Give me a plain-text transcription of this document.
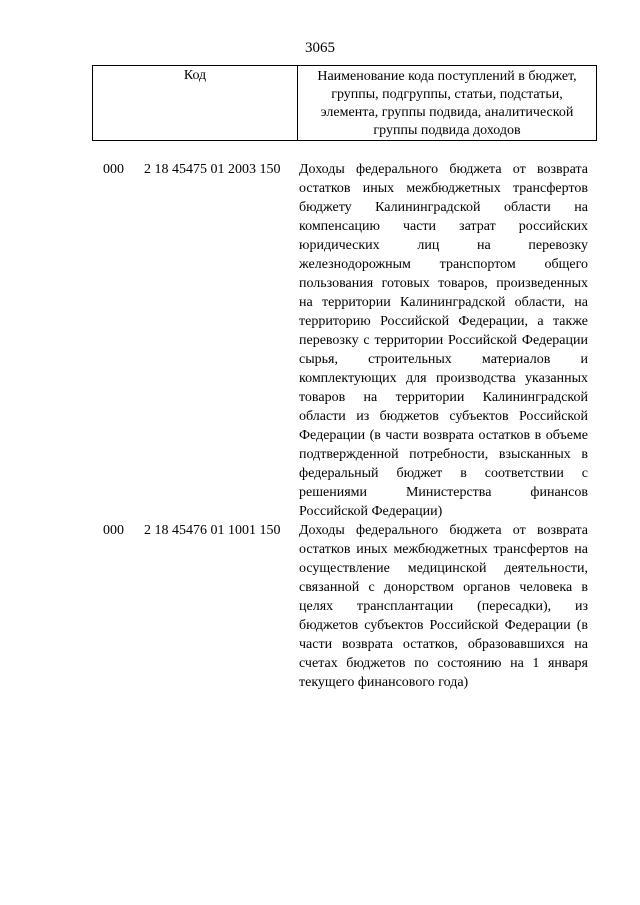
3065
Код	Наименование кода поступлений в бюджет, группы, подгруппы, статьи, подстатьи, элемента, группы подвида, аналитической группы подвида доходов
000 2 18 45475 01 2003 150 Доходы федерального бюджета от возврата остатков иных межбюджетных трансфертов бюджету Калининградской области на компенсацию части затрат российских юридических лиц на перевозку железнодорожным транспортом общего пользования готовых товаров, произведенных на территории Калининградской области, на территорию Российской Федерации, а также перевозку с территории Российской Федерации сырья, строительных материалов и комплектующих для производства указанных товаров на территории Калининградской области из бюджетов субъектов Российской Федерации (в части возврата остатков в объеме подтвержденной потребности, взысканных в федеральный бюджет в соответствии с решениями Министерства финансов Российской Федерации)
000 2 18 45476 01 1001 150 Доходы федерального бюджета от возврата остатков иных межбюджетных трансфертов на осуществление медицинской деятельности, связанной с донорством органов человека в целях трансплантации (пересадки), из бюджетов субъектов Российской Федерации (в части возврата остатков, образовавшихся на счетах бюджетов по состоянию на 1 января текущего финансового года)
